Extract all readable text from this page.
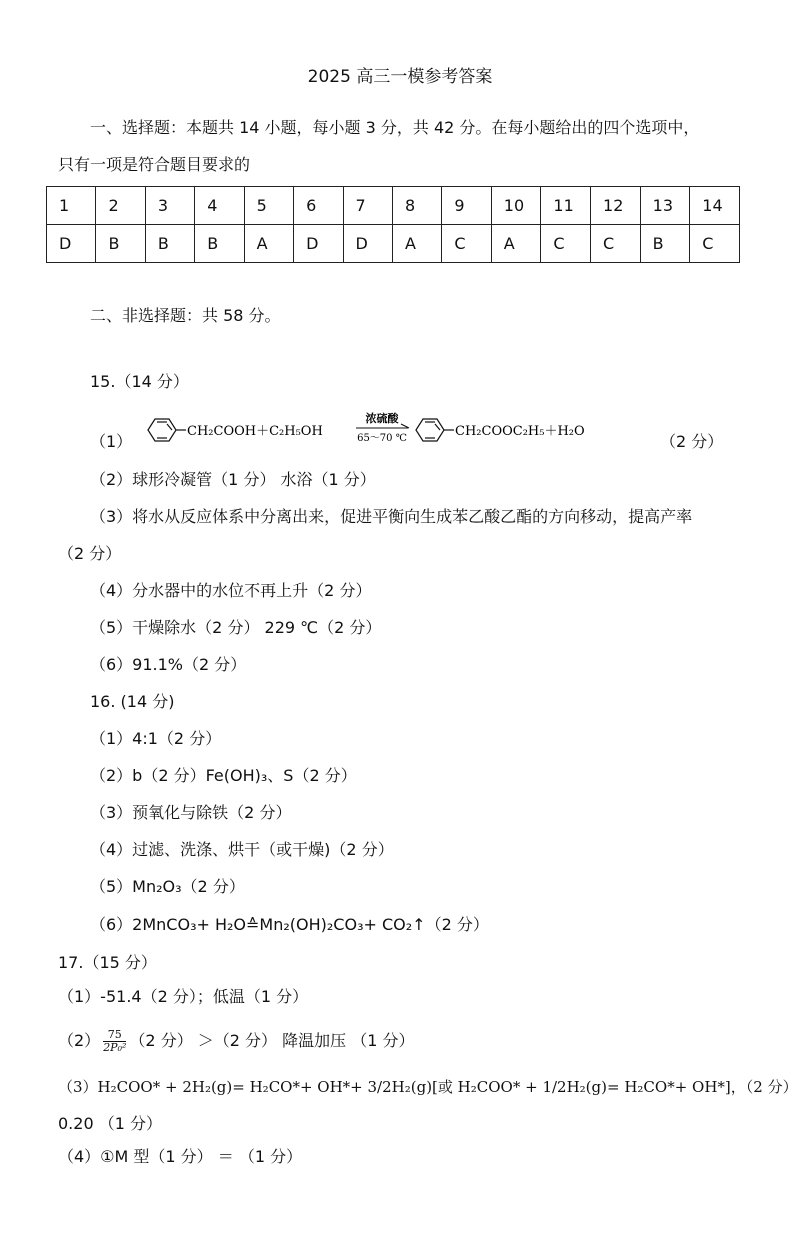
2025 高三一模参考答案
一、选择题：本题共 14 小题，每小题 3 分，共 42 分。在每小题给出的四个选项中，
只有一项是符合题目要求的
1	2	3	4	5	6	7	8	9	10	11	12	13	14
D	B	B	B	A	D	D	A	C	A	C	C	B	C
二、非选择题：共 58 分。
15.（14 分）
（1）
CH₂COOH＋C₂H₅OH
浓硫酸
65～70 ℃	CH₂COOC₂H₅＋H₂O
（2 分）
（2）球形冷凝管（1 分） 水浴（1 分）
（3）将水从反应体系中分离出来，促进平衡向生成苯乙酸乙酯的方向移动，提高产率
（2 分）
（4）分水器中的水位不再上升（2 分）
（5）干燥除水（2 分） 229 ℃（2 分）
（6）91.1%（2 分）
16. (14 分)
（1）4:1（2 分）
（2）b（2 分）Fe(OH)₃、S（2 分）
（3）预氧化与除铁（2 分）
（4）过滤、洗涤、烘干（或干燥)（2 分）
（5）Mn₂O₃（2 分）
（6）2MnCO₃+ H₂O≙Mn₂(OH)₂CO₃+ CO₂↑（2 分）
17.（15 分）
（1）-51.4（2 分）；低温（1 分）
$(2) \frac{75}{\text{2P₀²}} (2$ 分） ＞（2 分） 降温加压 （1 分）
（3）H₂COO* + 2H₂(g)= H₂CO*+ OH*+ 3/2H₂(g)[或 H₂COO* + 1/2H₂(g)= H₂CO*+ OH*]，（2 分）
0.20 （1 分）
（4）①M 型（1 分） ＝ （1 分）
